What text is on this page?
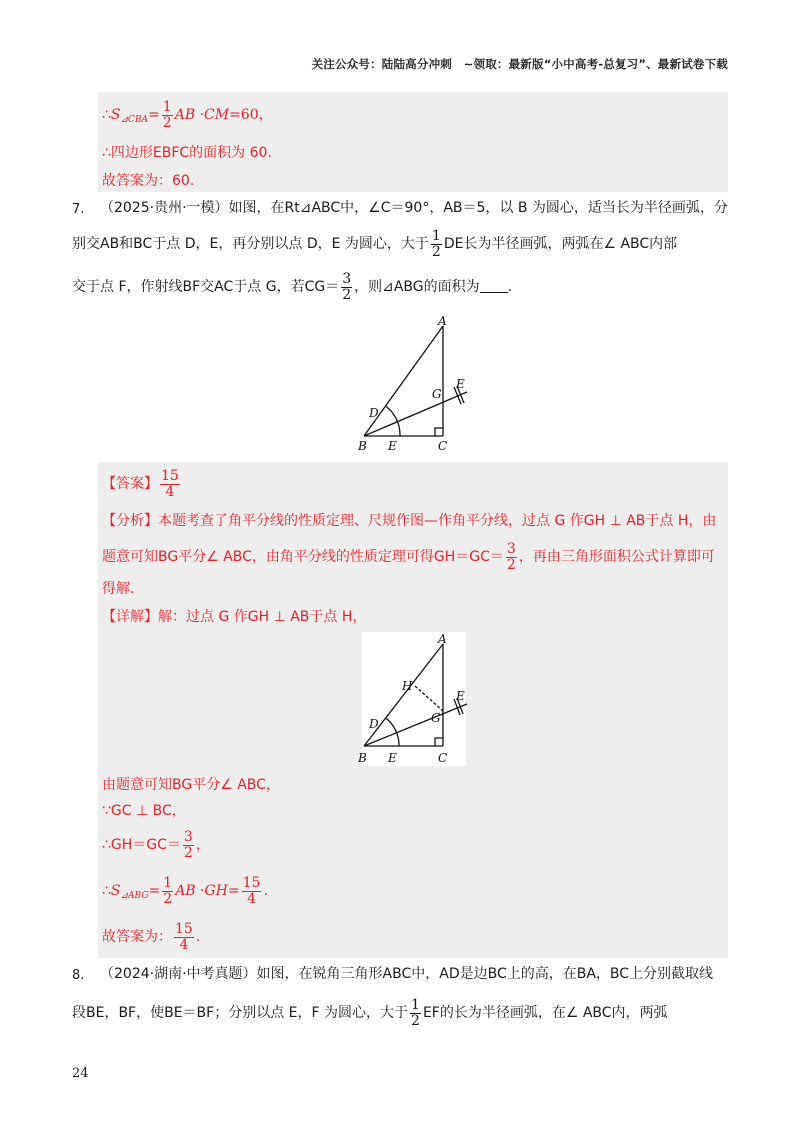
关注公众号：陆陆高分冲刺　~领取：最新版“小中高考-总复习”、最新试卷下载
$\therefore S_{⊿CBA}= \frac{1}{2}$ AB ·CM=60，
∴四边形EBFC的面积为 60.
故答案为：60.
7. （2025·贵州·一模）如图，在Rt⊿ABC中，∠C＝90°，AB＝5，以 B 为圆心，适当长为半径画弧，分
别交AB和BC于点 D，E，再分别以点 D，E 为圆心，大于 $\frac{1}{2}$ DE长为半径画弧，两弧在∠ ABC内部
交于点 F，作射线BF交AC于点 G，若$CG= \frac{3}{2}$ ，则⊿ABG的面积为 .
A
B	C
D
E
G
E
【答案】 $\frac{15}{4}$
【分析】本题考查了角平分线的性质定理、尺规作图—作角平分线，过点 G 作GH ⊥ AB于点 H，由
题意可知BG平分∠ ABC，由角平分线的性质定理可得$GH=GC= \frac{3}{2}$ ，再由三角形面积公式计算即可
得解.
【详解】解：过点 G 作GH ⊥ AB于点 H，
A
H
B	C
D
E
G
E
由题意可知BG平分∠ ABC，
∵GC ⊥ BC，
∴GH＝GC＝ $\frac{3}{2}$ ，
$\therefore S_{⊿ABG}= \frac{1}{2}$ AB $\cdot GH= \frac{15}{4}$ .
故答案为： $\frac{15}{4}$ .
8. （2024·湖南·中考真题）如图，在锐角三角形ABC中，AD是边BC上的高，在BA，BC上分别截取线
段BE，BF，使BE＝BF；分别以点 E，F 为圆心，大于 $\frac{1}{2}$ EF的长为半径画弧，在∠ ABC内，两弧
24
